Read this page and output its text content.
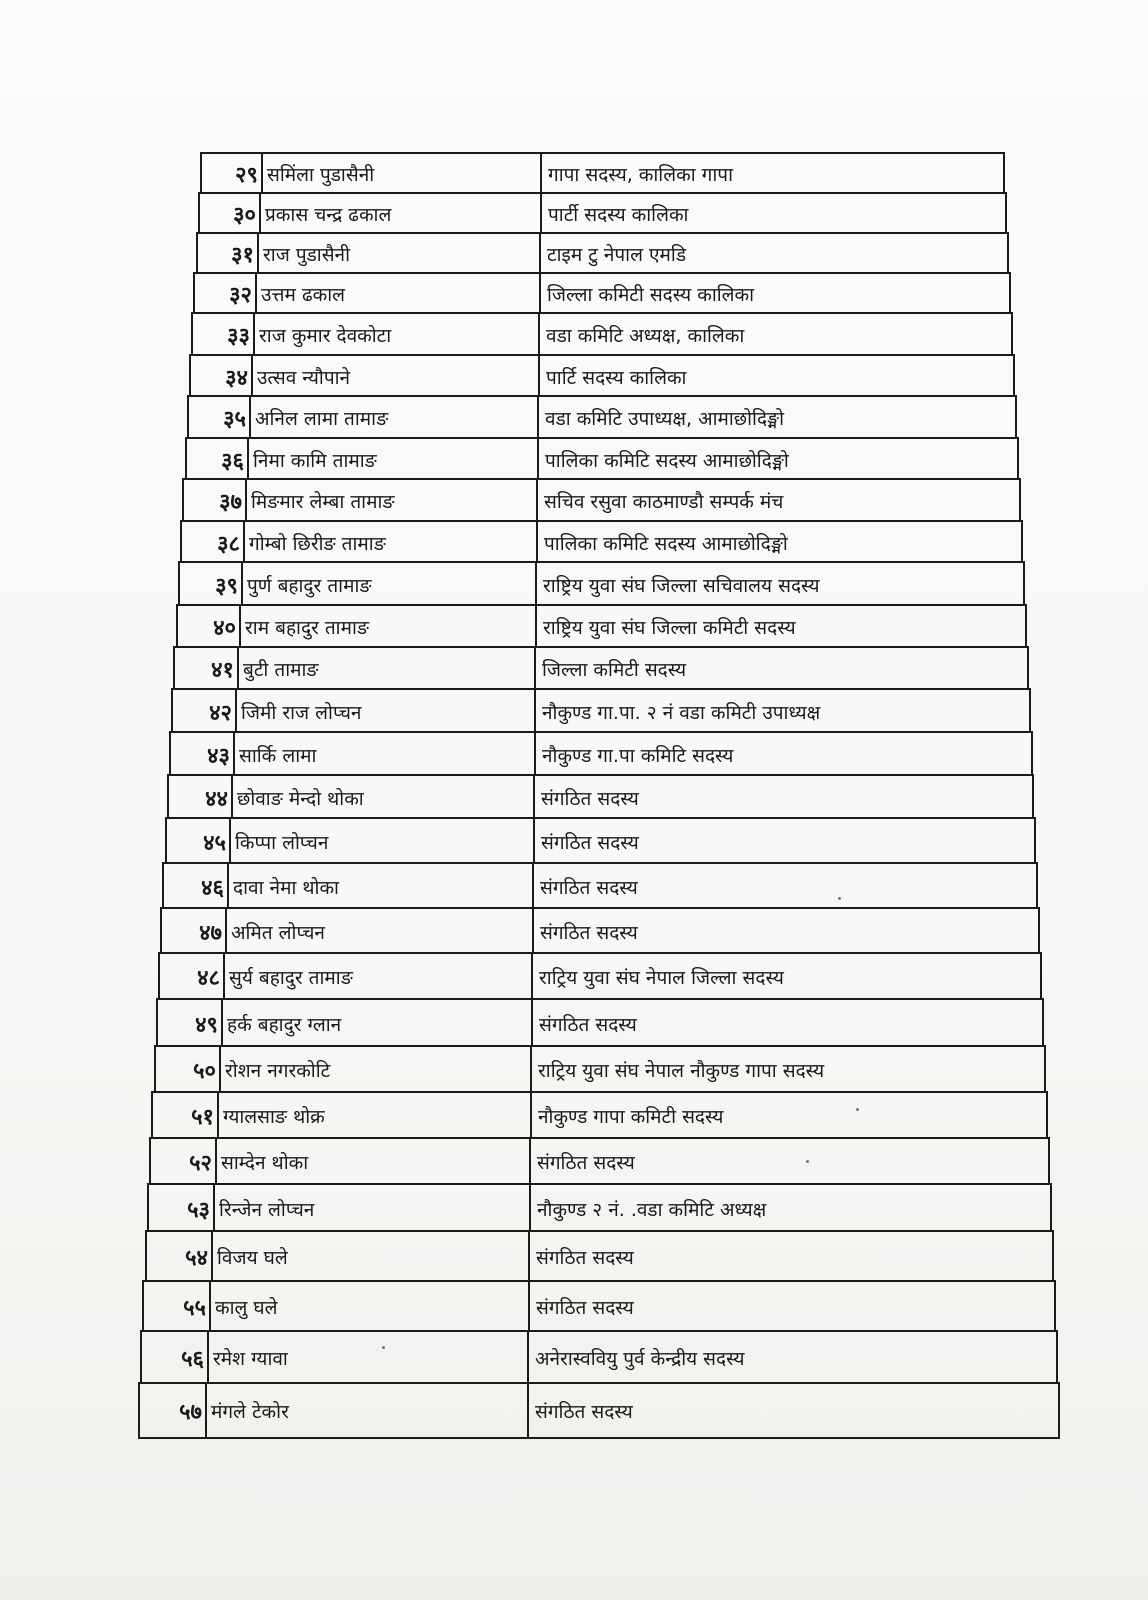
२९ समिंला पुडासैनी	गापा सदस्य, कालिका गापा
३० प्रकास चन्द्र ढकाल	पार्टी सदस्य कालिका
३१ राज पुडासैनी	टाइम टु नेपाल एमडि
३२ उत्तम ढकाल	जिल्ला कमिटी सदस्य कालिका
३३ राज कुमार देवकोटा	वडा कमिटि अध्यक्ष, कालिका
३४ उत्सव न्यौपाने	पार्टि सदस्य कालिका
३५ अनिल लामा तामाङ	वडा कमिटि उपाध्यक्ष, आमाछोदिङ्मो
३६ निमा कामि तामाङ	पालिका कमिटि सदस्य आमाछोदिङ्मो
३७ मिङमार लेम्बा तामाङ	सचिव रसुवा काठमाण्डौ सम्पर्क मंच
३८ गोम्बो छिरीङ तामाङ	पालिका कमिटि सदस्य आमाछोदिङ्मो
३९ पुर्ण बहादुर तामाङ	राष्ट्रिय युवा संघ जिल्ला सचिवालय सदस्य
४० राम बहादुर तामाङ	राष्ट्रिय युवा संघ जिल्ला कमिटी सदस्य
४१ बुटी तामाङ	जिल्ला कमिटी सदस्य
४२ जिमी राज लोप्चन	नौकुण्ड गा.पा. २ नं वडा कमिटी उपाध्यक्ष
४३ सार्कि लामा	नौकुण्ड गा.पा कमिटि सदस्य
४४ छोवाङ मेन्दो थोका	संगठित सदस्य
४५ किप्पा लोप्चन	संगठित सदस्य
४६ दावा नेमा थोका	संगठित सदस्य
४७ अमित लोप्चन	संगठित सदस्य
४८ सुर्य बहादुर तामाङ	राट्रिय युवा संघ नेपाल जिल्ला सदस्य
४९ हर्क बहादुर ग्लान	संगठित सदस्य
५० रोशन नगरकोटि	राट्रिय युवा संघ नेपाल नौकुण्ड गापा सदस्य
५१ ग्यालसाङ थोक्र	नौकुण्ड गापा कमिटी सदस्य
५२ साम्देन थोका	संगठित सदस्य
५३ रिन्जेन लोप्चन	नौकुण्ड २ नं. .वडा कमिटि अध्यक्ष
५४ विजय घले	संगठित सदस्य
५५ कालु घले	संगठित सदस्य
५६ रमेश ग्यावा	अनेरास्ववियु पुर्व केन्द्रीय सदस्य
५७ मंगले टेकोर	संगठित सदस्य
